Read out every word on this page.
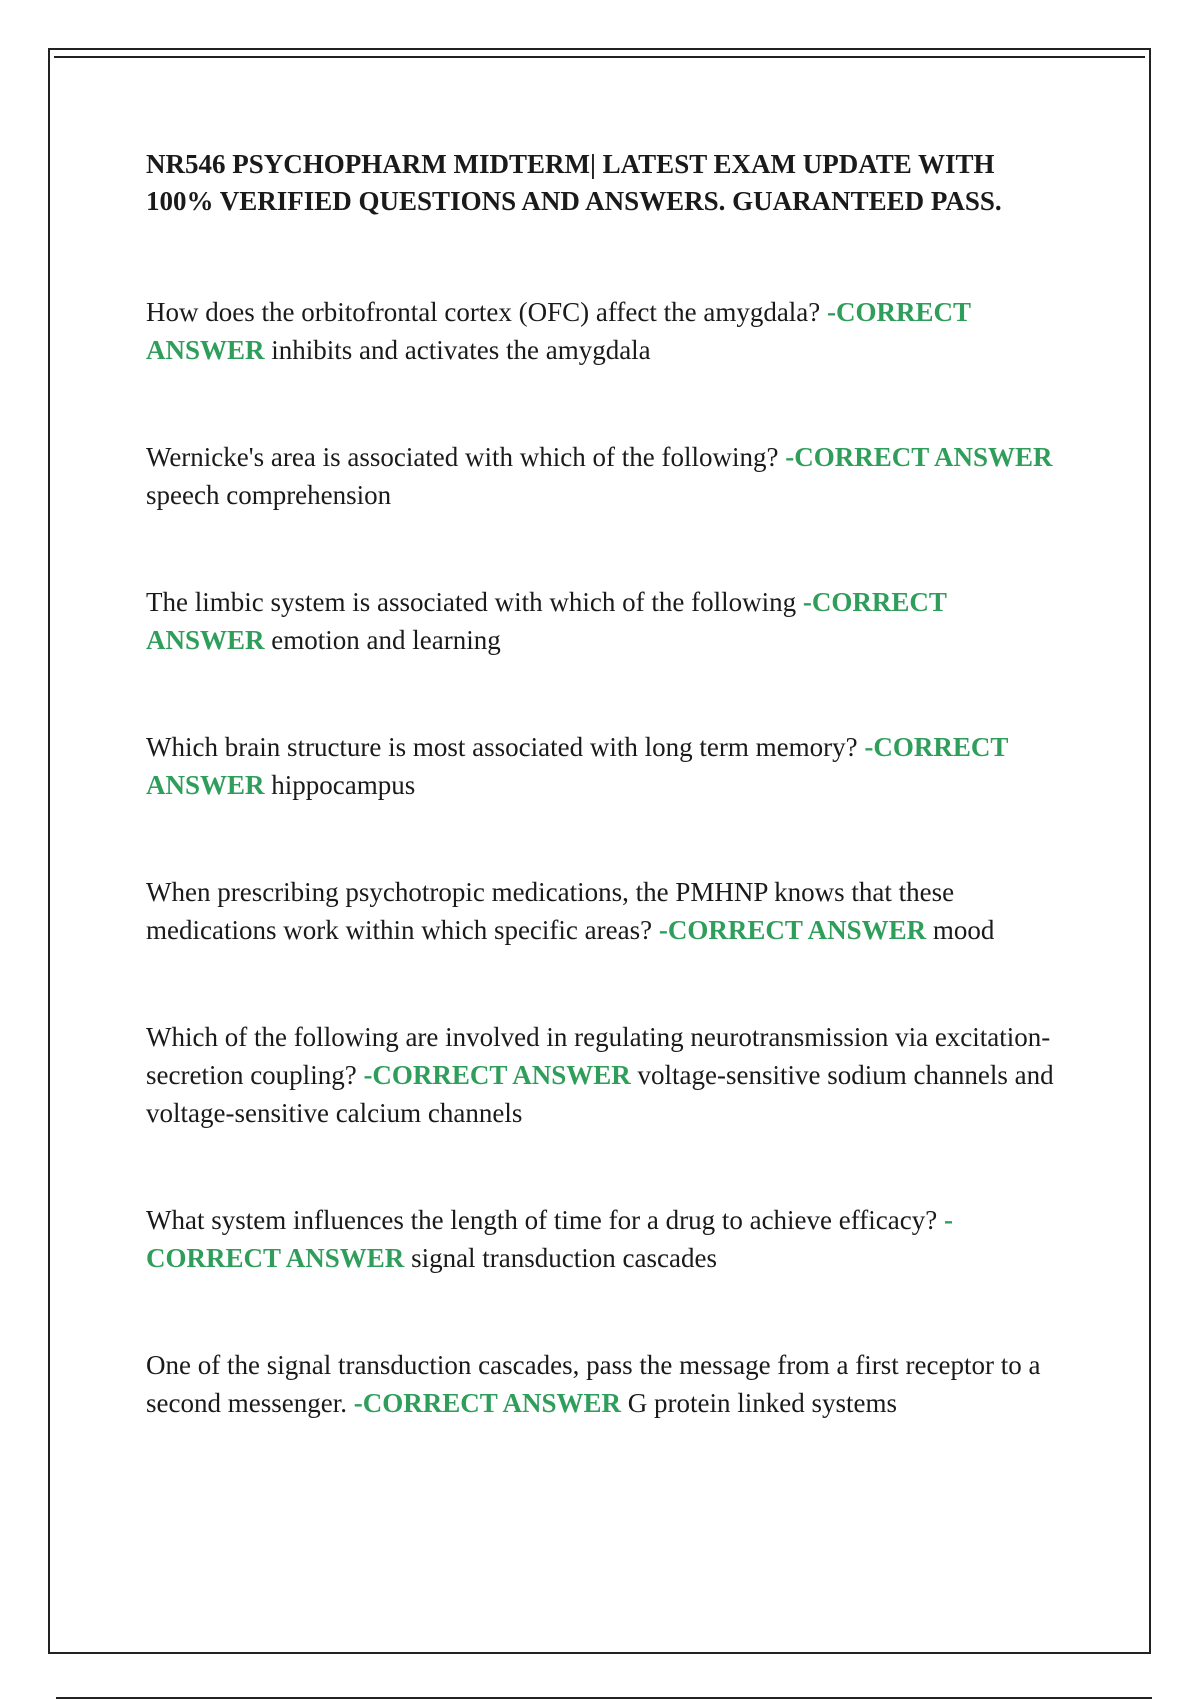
NR546 PSYCHOPHARM MIDTERM| LATEST EXAM UPDATE WITH 100% VERIFIED QUESTIONS AND ANSWERS. GUARANTEED PASS.
How does the orbitofrontal cortex (OFC) affect the amygdala? -CORRECT ANSWER inhibits and activates the amygdala
Wernicke's area is associated with which of the following? -CORRECT ANSWER speech comprehension
The limbic system is associated with which of the following -CORRECT ANSWER emotion and learning
Which brain structure is most associated with long term memory? -CORRECT ANSWER hippocampus
When prescribing psychotropic medications, the PMHNP knows that these medications work within which specific areas? -CORRECT ANSWER mood
Which of the following are involved in regulating neurotransmission via excitation-secretion coupling? -CORRECT ANSWER voltage-sensitive sodium channels and voltage-sensitive calcium channels
What system influences the length of time for a drug to achieve efficacy? -CORRECT ANSWER signal transduction cascades
One of the signal transduction cascades, pass the message from a first receptor to a second messenger. -CORRECT ANSWER G protein linked systems
